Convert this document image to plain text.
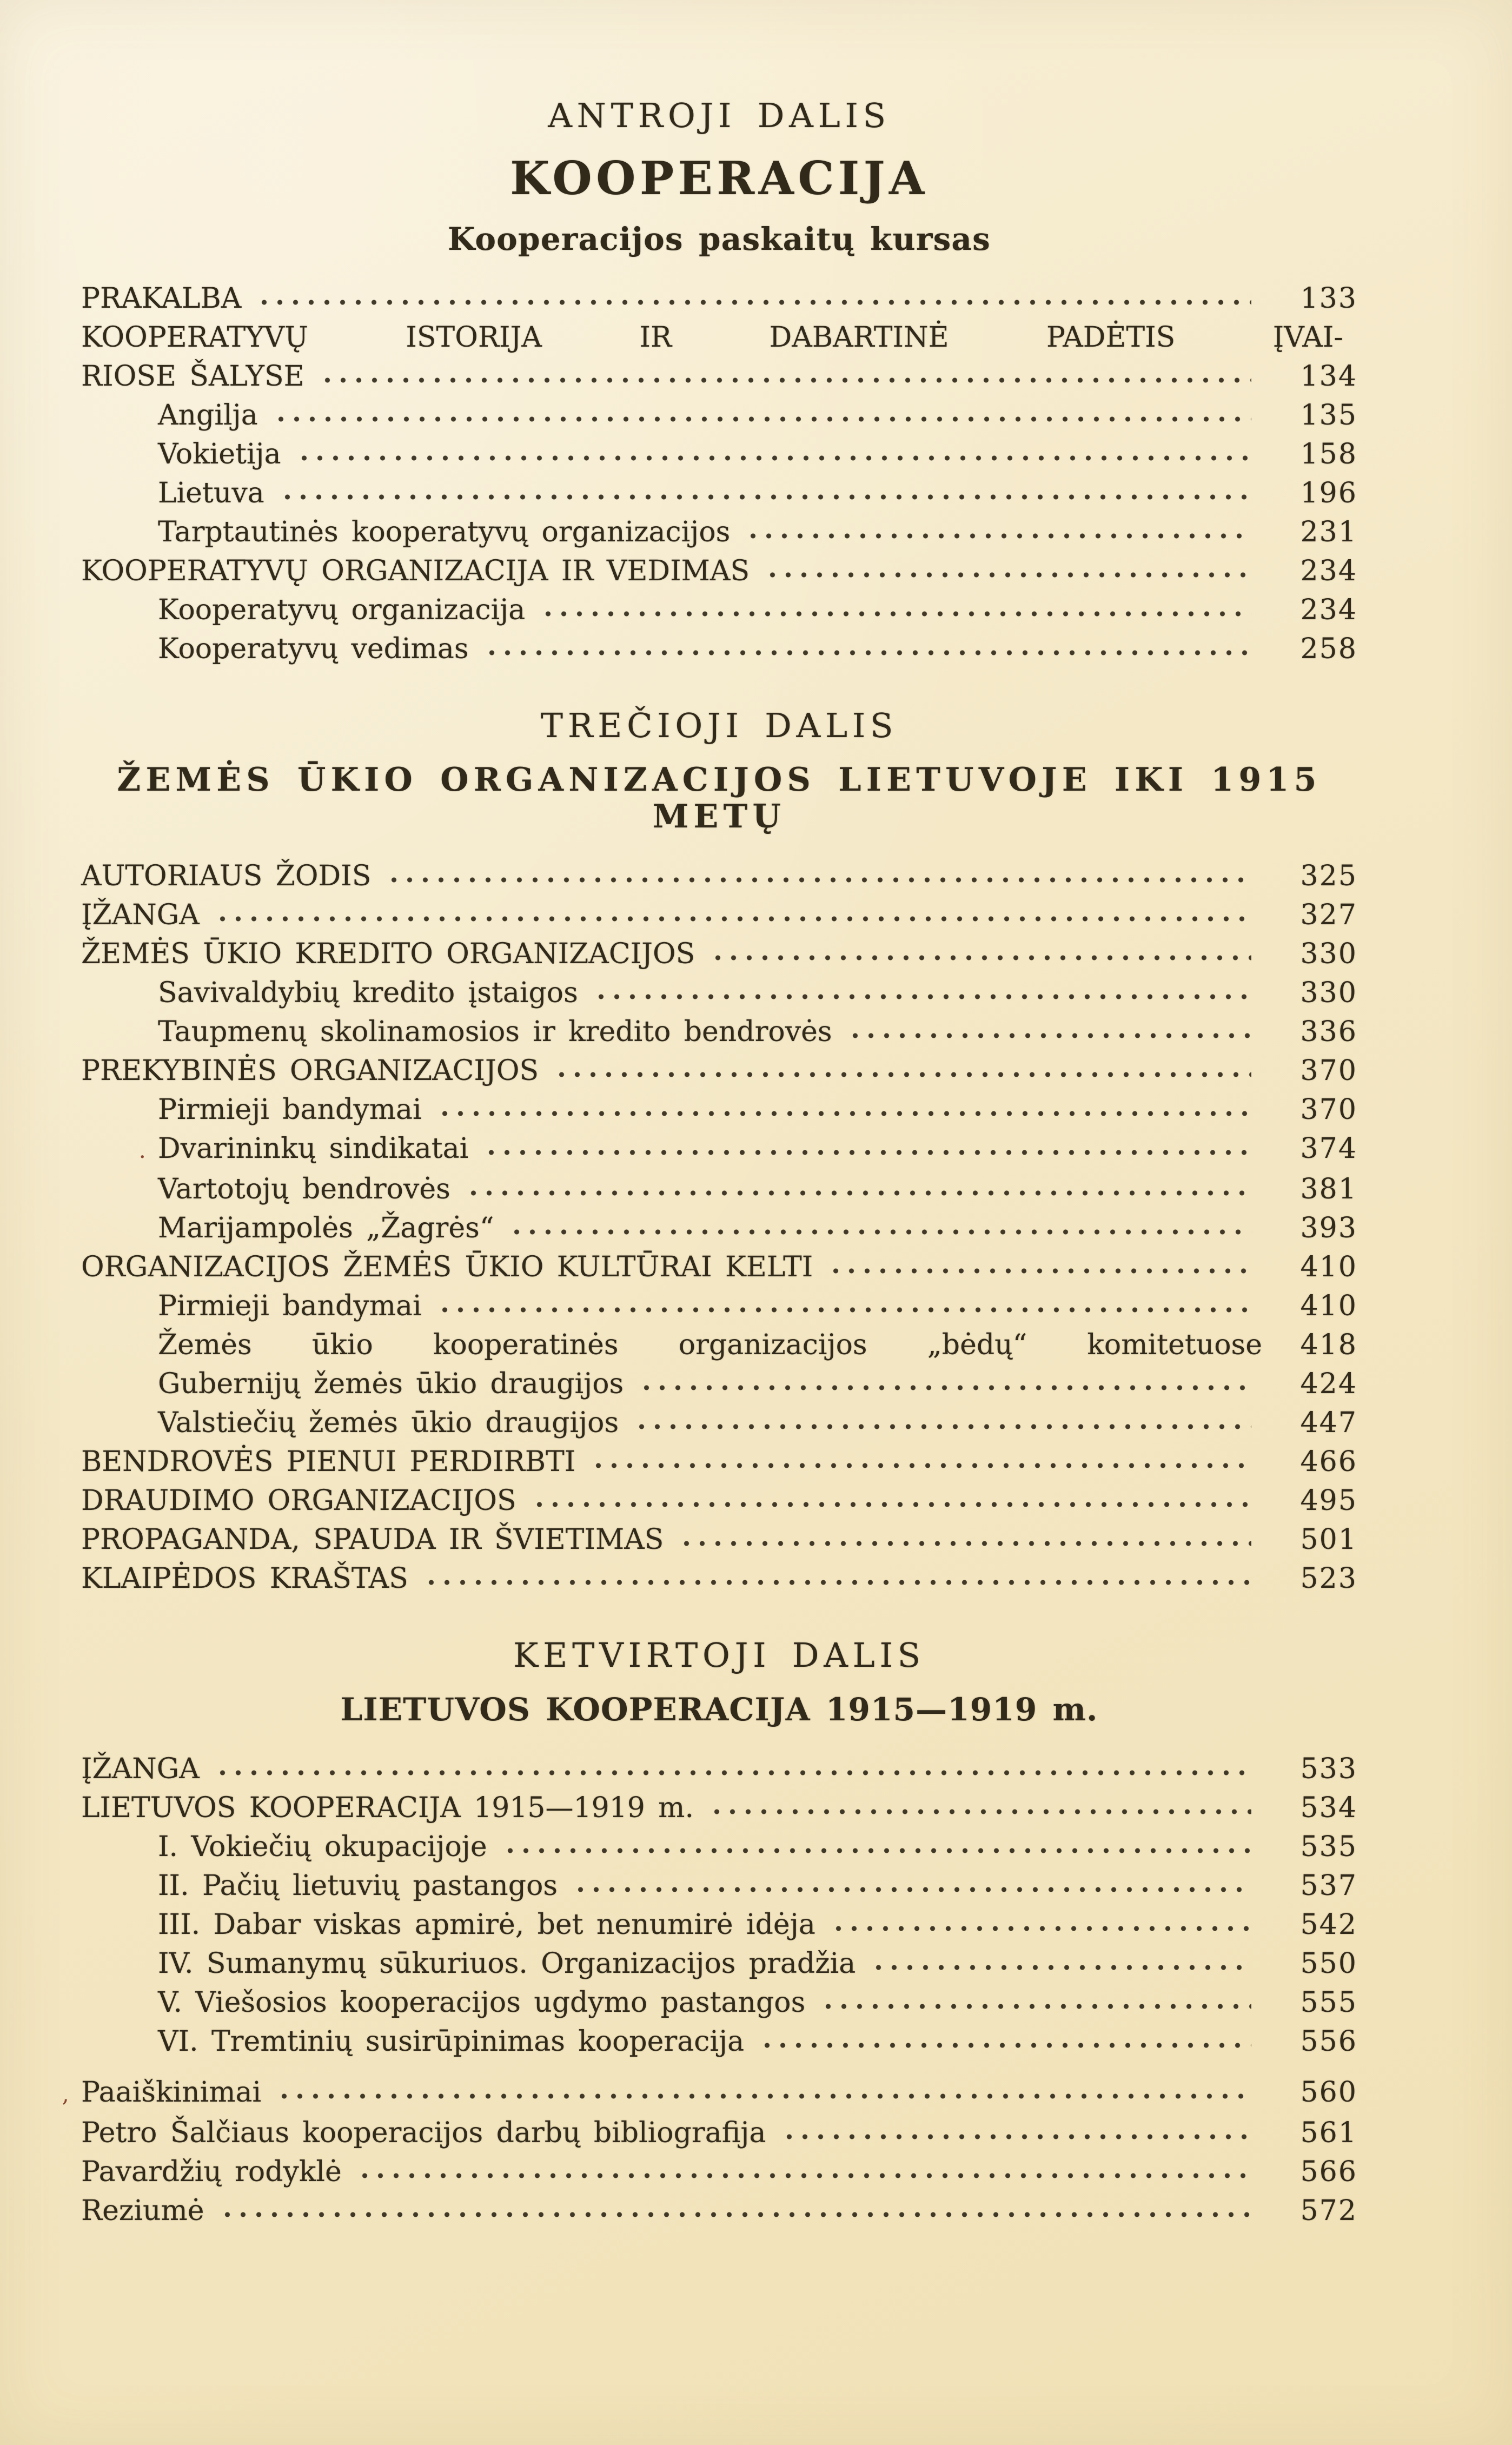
ANTROJI DALIS
KOOPERACIJA
Kooperacijos paskaitų kursas
PRAKALBA	133
KOOPERATYVŲ ISTORIJA IR DABARTINĖ PADĖTIS ĮVAI-
RIOSE ŠALYSE	134
Angilja	135
Vokietija	158
Lietuva	196
Tarptautinės kooperatyvų organizacijos	231
KOOPERATYVŲ ORGANIZACIJA IR VEDIMAS	234
Kooperatyvų organizacija	234
Kooperatyvų vedimas	258
TREČIOJI DALIS
ŽEMĖS ŪKIO ORGANIZACIJOS LIETUVOJE IKI 1915 METŲ
AUTORIAUS ŽODIS	325
ĮŽANGA	327
ŽEMĖS ŪKIO KREDITO ORGANIZACIJOS	330
Savivaldybių kredito įstaigos	330
Taupmenų skolinamosios ir kredito bendrovės	336
PREKYBINĖS ORGANIZACIJOS	370
Pirmieji bandymai	370
. Dvarininkų sindikatai	374
Vartotojų bendrovės	381
Marijampolės „Žagrės“	393
ORGANIZACIJOS ŽEMĖS ŪKIO KULTŪRAI KELTI	410
Pirmieji bandymai	410
Žemės ūkio kooperatinės organizacijos „bėdų“ komitetuose	418
Gubernijų žemės ūkio draugijos	424
Valstiečių žemės ūkio draugijos	447
BENDROVĖS PIENUI PERDIRBTI	466
DRAUDIMO ORGANIZACIJOS	495
PROPAGANDA, SPAUDA IR ŠVIETIMAS	501
KLAIPĖDOS KRAŠTAS	523
KETVIRTOJI DALIS
LIETUVOS KOOPERACIJA 1915—1919 m.
ĮŽANGA	533
LIETUVOS KOOPERACIJA 1915—1919 m.	534
I. Vokiečių okupacijoje	535
II. Pačių lietuvių pastangos	537
III. Dabar viskas apmirė, bet nenumirė idėja	542
IV. Sumanymų sūkuriuos. Organizacijos pradžia	550
V. Viešosios kooperacijos ugdymo pastangos	555
VI. Tremtinių susirūpinimas kooperacija	556
, Paaiškinimai	560
Petro Šalčiaus kooperacijos darbų bibliografija	561
Pavardžių rodyklė	566
Reziumė	572
